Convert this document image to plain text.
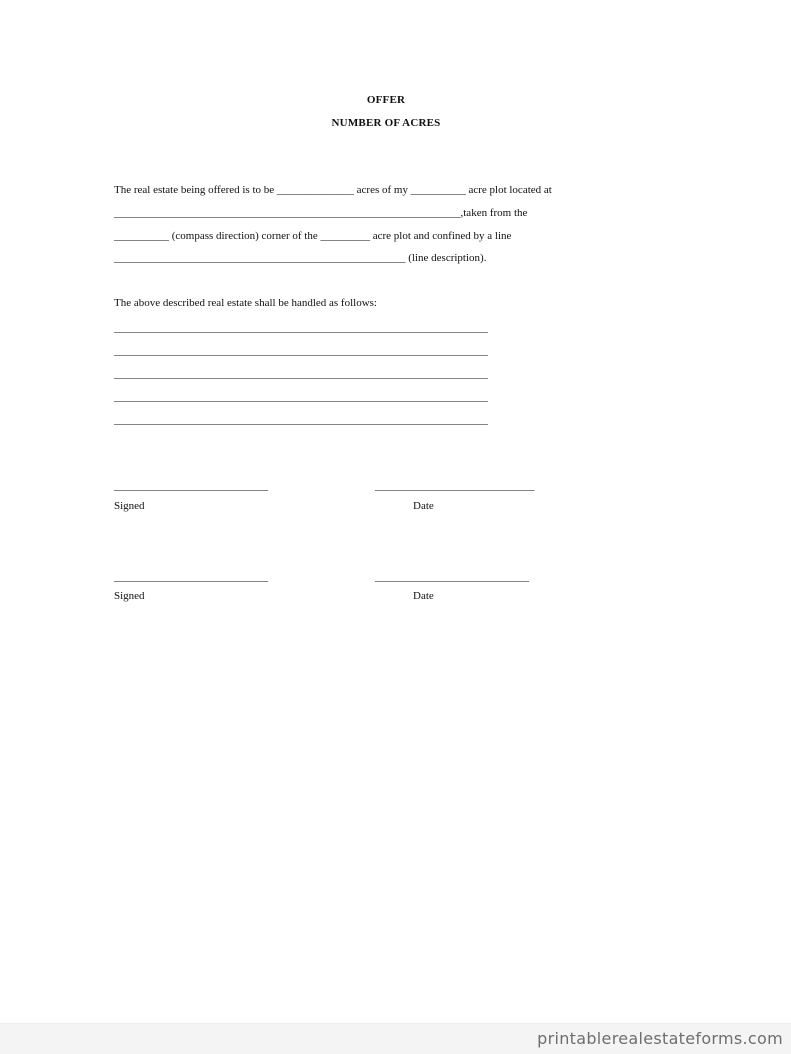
OFFER
NUMBER OF ACRES
The real estate being offered is to be ______________ acres of my __________ acre plot located at
_______________________________________________________________,taken from the
__________ (compass direction) corner of the _________ acre plot and confined by a line
_____________________________________________________ (line description).
The above described real estate shall be handled as follows:
____________________________________________________________________
____________________________________________________________________
____________________________________________________________________
____________________________________________________________________
____________________________________________________________________
____________________________	_____________________________
Signed	Date
____________________________	____________________________
Signed	Date
printablerealestateforms.com
